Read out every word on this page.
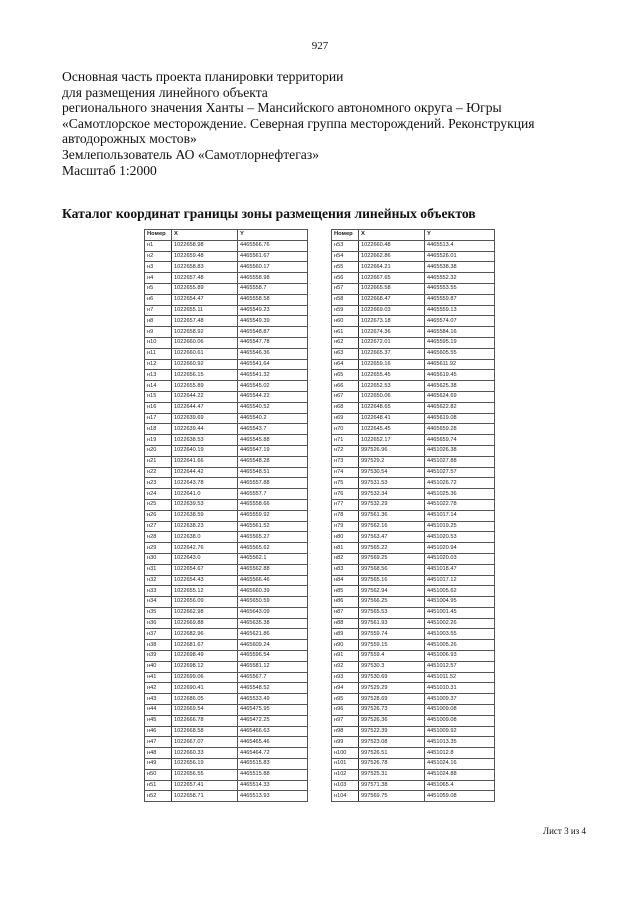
927
Основная часть проекта планировки территории
для размещения линейного объекта
регионального значения Ханты – Мансийского автономного округа – Югры
«Самотлорское месторождение. Северная группа месторождений. Реконструкция
автодорожных мостов»
Землепользователь АО «Самотлорнефтегаз»
Масштаб 1:2000
Каталог координат границы зоны размещения линейных объектов
Номер	X	Y
н1	1022658.98	4465566.76
н2	1022659.48	4465561.67
н3	1022658.83	4465560.17
н4	1022657.48	4465558.98
н5	1022655.89	4465558.7
н6	1022654.47	4465558.58
н7	1022655.11	4465549.23
н8	1022657.48	4465549.39
н9	1022658.92	4465548.87
н10	1022660.06	4465547.78
н11	1022660.61	4465546.36
н12	1022660.92	4465541.64
н13	1022656.15	4465541.32
н14	1022655.89	4465545.02
н15	1022644.22	4465544.22
н16	1022644.47	4465540.52
н17	1022639.69	4465540.2
н18	1022639.44	4465543.7
н19	1022638.53	4465545.88
н20	1022640.19	4465547.19
н21	1022641.66	4465548.28
н22	1022644.42	4465548.51
н23	1022643.78	4465557.88
н24	1022641.0	4465557.7
н25	1022639.53	4465558.66
н26	1022638.59	4465559.92
н27	1022638.23	4465561.52
н28	1022638.0	4465565.27
н29	1022642.76	4465565.62
н30	1022643.0	4465562.1
н31	1022654.67	4465562.88
н32	1022654.43	4465566.46
н33	1022655.12	4465660.39
н34	1022656.09	4465650.59
н35	1022662.98	4465643.09
н36	1022669.88	4465635.38
н37	1022682.96	4465621.86
н38	1022681.67	4465609.24
н39	1022698.49	4465596.54
н40	1022698.12	4465581.12
н41	1022699.06	4465567.7
н42	1022690.41	4465548.52
н43	1022686.05	4465533.49
н44	1022669.54	4465475.95
н45	1022666.78	4465472.25
н46	1022668.58	4465466.63
н47	1022667.07	4465465.46
н48	1022660.33	4465464.72
н49	1022656.19	4465515.83
н50	1022656.55	4465515.88
н51	1022657.41	4465514.33
н52	1022658.71	4465513.93
Номер	X	Y
н53	1022660.48	4465513.4
н54	1022662.86	4465526.01
н55	1022664.21	4465538.38
н56	1022667.65	4465552.32
н57	1022665.58	4465553.55
н58	1022668.47	4465559.87
н59	1022669.03	4465559.13
н60	1022673.18	4465574.07
н61	1022674.36	4465584.16
н62	1022672.01	4465595.19
н63	1022665.37	4465605.55
н64	1022659.16	4465611.92
н65	1022655.45	4465619.45
н66	1022652.53	4465625.38
н67	1022650.06	4465624.69
н68	1022648.65	4465622.82
н69	1022648.41	4465619.08
н70	1022645.45	4465659.28
н71	1022652.17	4465659.74
н72	997526.96	4451026.38
н73	997529.2	4451027.88
н74	997530.54	4451027.57
н75	997531.53	4451026.72
н76	997532.34	4451025.36
н77	997532.29	4451022.78
н78	997561.36	4451017.14
н79	997562.16	4451019.25
н80	997563.47	4451020.53
н81	997565.22	4451020.94
н82	997569.25	4451020.03
н83	997568.56	4451018.47
н84	997565.16	4451017.12
н85	997562.94	4451005.62
н86	997566.25	4451004.95
н87	997565.53	4451001.45
н88	997561.93	4451002.26
н89	997559.74	4451003.55
н90	997559.15	4451005.26
н91	997559.4	4451006.93
н92	997530.3	4451012.57
н93	997530.69	4451011.52
н94	997529.29	4451010.31
н95	997528.69	4451009.37
н96	997526.73	4451009.08
н97	997526.36	4451009.08
н98	997522.39	4451009.92
н99	997523.08	4451013.35
н100	997526.51	4451012.8
н101	997526.78	4451024.16
н102	997525.31	4451024.88
н103	997571.38	4451065.4
н104	997569.75	4451059.08
Лист 3 из 4
